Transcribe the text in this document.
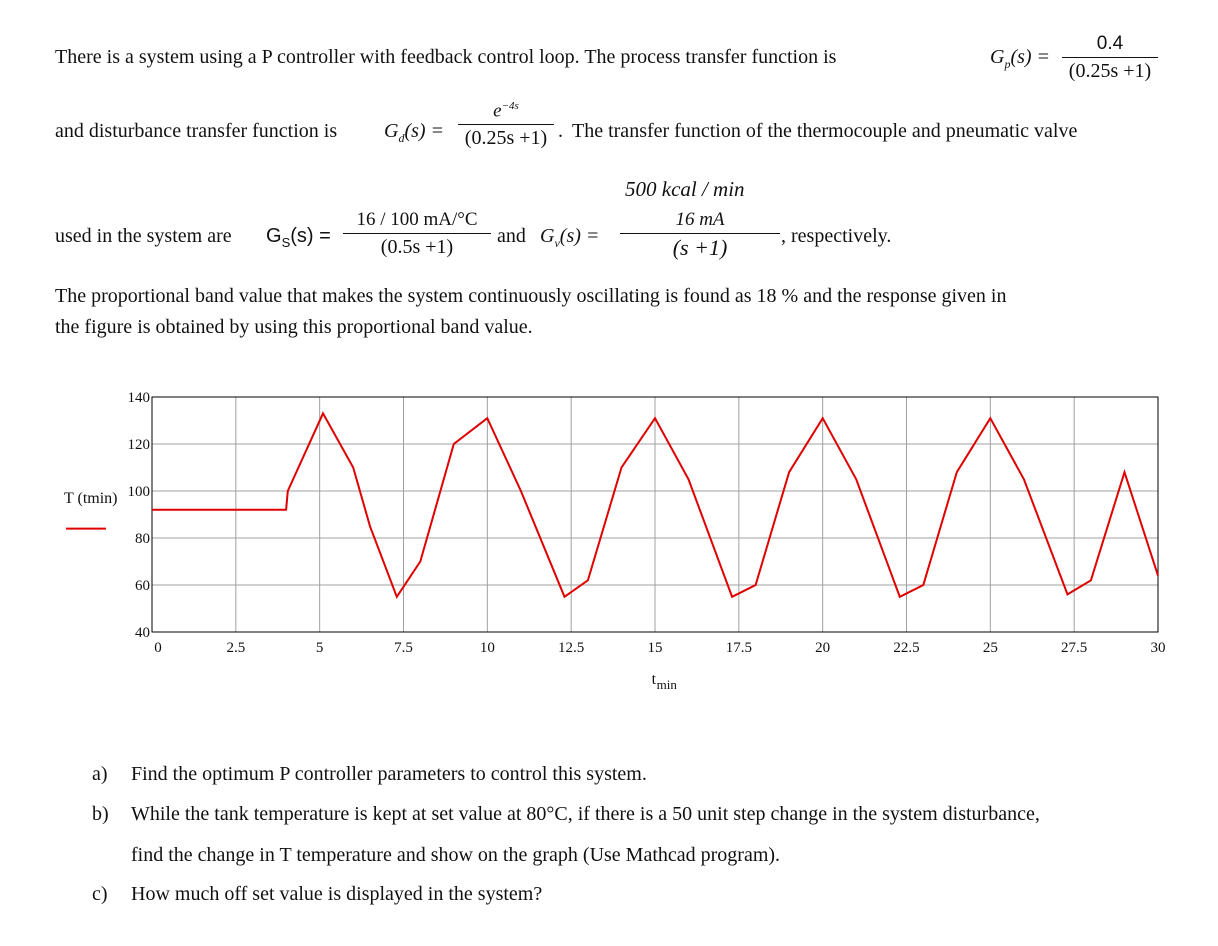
There is a system using a P controller with feedback control loop. The process transfer function is	$G_p(s)$ =
0.4
(0.25s +1)
and disturbance transfer function is $G_d(s)$ =
$e^{-4s}$
(0.25s +1) . The transfer function of the thermocouple and pneumatic valve
500 kcal / min
used in the system are $G_S(s)$ =
16 / 100 mA/°C
(0.5s +1)	and $G_v(s)$ =
16 mA
(s +1)	, respectively.
The proportional band value that makes the system continuously oscillating is found as 18 % and the response given in
the figure is obtained by using this proportional band value.
0	2.5	5	7.5	10	12.5	15	17.5	20	22.5	25	27.5	30
40
60
80
100
120
140
T (tmin)
t min
a) Find the optimum P controller parameters to control this system.
b) While the tank temperature is kept at set value at 80°C, if there is a 50 unit step change in the system disturbance,
find the change in T temperature and show on the graph (Use Mathcad program).
c) How much off set value is displayed in the system?
